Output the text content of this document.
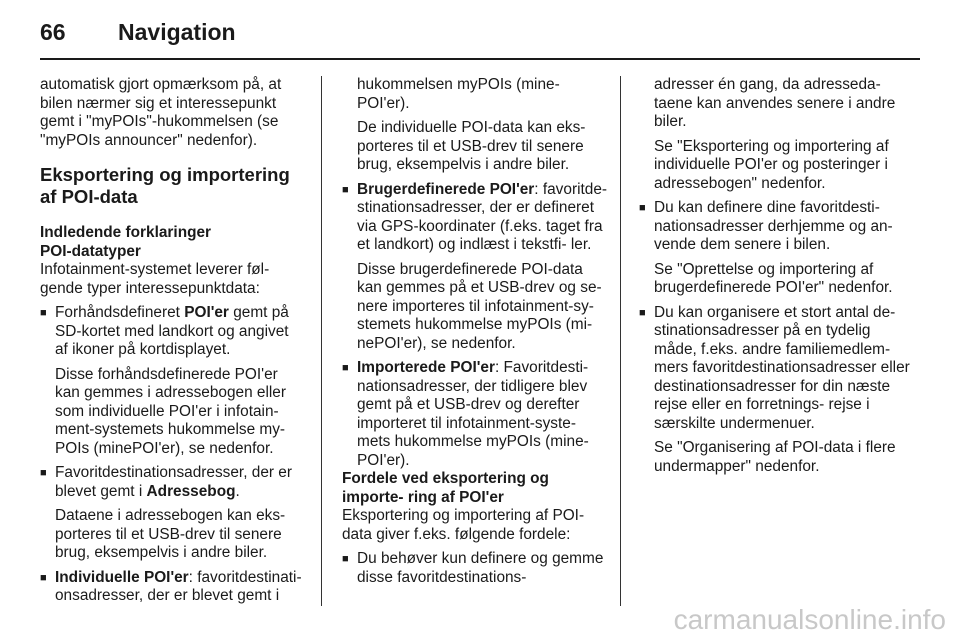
66 Navigation

automatisk gjort opmærksom på, at bilen nærmer sig et interessepunkt gemt i "myPOIs"-hukommelsen (se "myPOIs announcer" nedenfor).

Eksportering og importering af POI-data

Indledende forklaringer

POI-datatyper

Infotainment-systemet leverer føl- gende typer interessepunktdata:

■ Forhåndsdefineret POI'er gemt på SD-kortet med landkort og angivet af ikoner på kortdisplayet.

Disse forhåndsdefinerede POI'er kan gemmes i adressebogen eller som individuelle POI'er i infotain- ment-systemets hukommelse my- POIs (minePOI'er), se nedenfor.

■ Favoritdestinationsadresser, der er blevet gemt i Adressebog.

Dataene i adressebogen kan eks- porteres til et USB-drev til senere brug, eksempelvis i andre biler.

■ Individuelle POI'er: favoritdestinati- onsadresser, der er blevet gemt i

hukommelsen myPOIs (mine- POI'er).

De individuelle POI-data kan eks- porteres til et USB-drev til senere brug, eksempelvis i andre biler.

■ Brugerdefinerede POI'er: favoritde- stinationsadresser, der er defineret via GPS-koordinater (f.eks. taget fra et landkort) og indlæst i tekstfi- ler.

Disse brugerdefinerede POI-data kan gemmes på et USB-drev og se- nere importeres til infotainment-sy- stemets hukommelse myPOIs (mi- nePOI'er), se nedenfor.

■ Importerede POI'er: Favoritdesti- nationsadresser, der tidligere blev gemt på et USB-drev og derefter importeret til infotainment-syste- mets hukommelse myPOIs (mine- POI'er).

Fordele ved eksportering og importe- ring af POI'er

Eksportering og importering af POI- data giver f.eks. følgende fordele:

■ Du behøver kun definere og gemme disse favoritdestinations-

adresser én gang, da adresseda- taene kan anvendes senere i andre biler.

Se "Eksportering og importering af individuelle POI'er og posteringer i adressebogen" nedenfor.

■ Du kan definere dine favoritdesti- nationsadresser derhjemme og an- vende dem senere i bilen.

Se "Oprettelse og importering af brugerdefinerede POI'er" nedenfor.

■ Du kan organisere et stort antal de- stinationsadresser på en tydelig måde, f.eks. andre familiemedlem- mers favoritdestinationsadresser eller destinationsadresser for din næste rejse eller en forretnings- rejse i særskilte undermenuer.

Se "Organisering af POI-data i flere undermapper" nedenfor.

carmanualsonline.info
